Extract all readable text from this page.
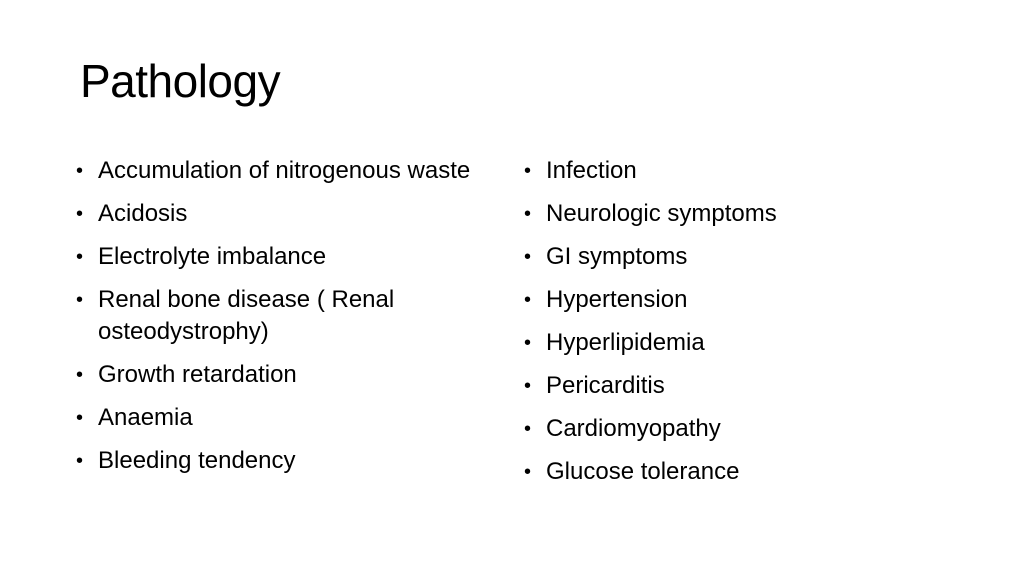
Pathology
• Accumulation of nitrogenous waste
• Acidosis
• Electrolyte imbalance
• Renal bone disease ( Renal osteodystrophy)
• Growth retardation
• Anaemia
• Bleeding tendency
• Infection
• Neurologic symptoms
• GI symptoms
• Hypertension
• Hyperlipidemia
• Pericarditis
• Cardiomyopathy
• Glucose tolerance
